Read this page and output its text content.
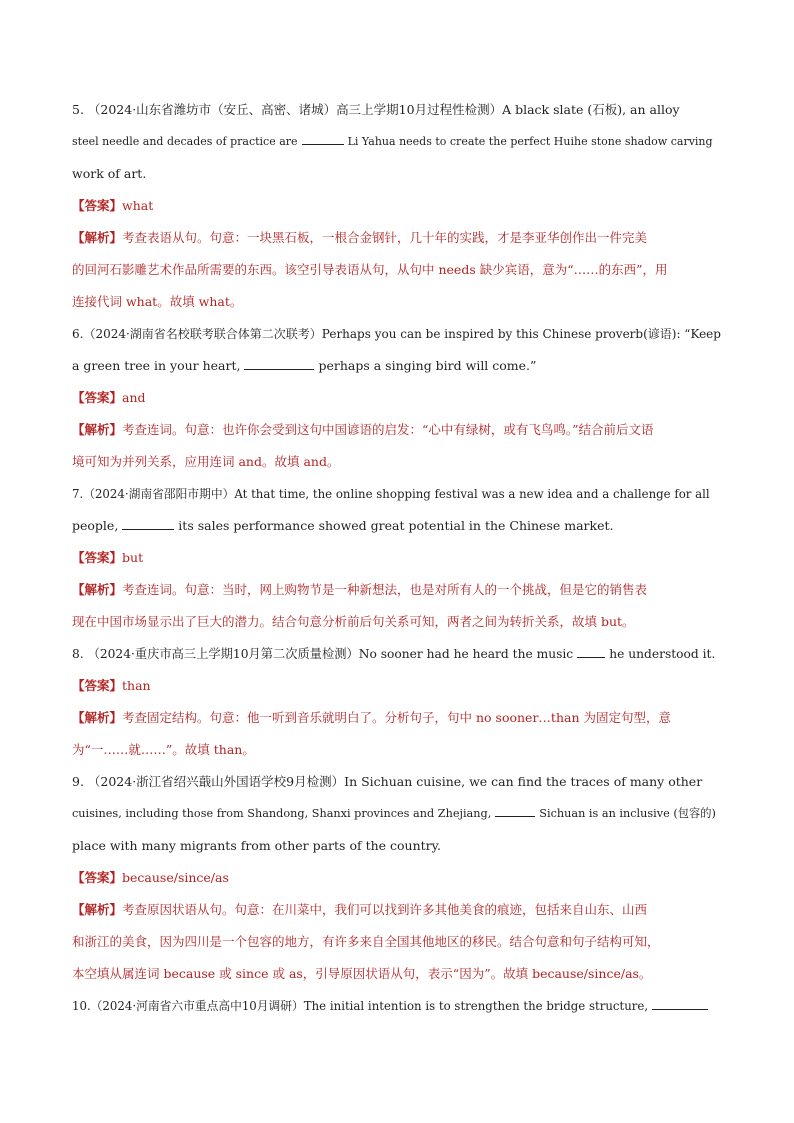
5. （2024·山东省潍坊市（安丘、高密、诸城）高三上学期10月过程性检测）A black slate (石板), an alloy
steel needle and decades of practice are	Li Yahua needs to create the perfect Huihe stone shadow carving
work of art.
【答案】what
【解析】考查表语从句。句意：一块黑石板，一根合金钢针，几十年的实践，才是李亚华创作出一件完美
的回河石影雕艺术作品所需要的东西。该空引导表语从句，从句中 needs 缺少宾语，意为“……的东西”，用
连接代词 what。故填 what。
6.（2024·湖南省名校联考联合体第二次联考）Perhaps you can be inspired by this Chinese proverb(谚语): “Keep
a green tree in your heart,	perhaps a singing bird will come.”
【答案】and
【解析】考查连词。句意：也许你会受到这句中国谚语的启发：“心中有绿树，或有飞鸟鸣。”结合前后文语
境可知为并列关系，应用连词 and。故填 and。
7.（2024·湖南省邵阳市期中）At that time, the online shopping festival was a new idea and a challenge for all
people,	its sales performance showed great potential in the Chinese market.
【答案】but
【解析】考查连词。句意：当时，网上购物节是一种新想法，也是对所有人的一个挑战，但是它的销售表
现在中国市场显示出了巨大的潜力。结合句意分析前后句关系可知，两者之间为转折关系，故填 but。
8. （2024·重庆市高三上学期10月第二次质量检测）No sooner had he heard the music	he understood it.
【答案】than
【解析】考查固定结构。句意：他一听到音乐就明白了。分析句子，句中 no sooner…than 为固定句型，意
为“一……就……”。故填 than。
9. （2024·浙江省绍兴蕺山外国语学校9月检测）In Sichuan cuisine, we can find the traces of many other
cuisines, including those from Shandong, Shanxi provinces and Zhejiang,	Sichuan is an inclusive (包容的)
place with many migrants from other parts of the country.
【答案】because/since/as
【解析】考查原因状语从句。句意：在川菜中，我们可以找到许多其他美食的痕迹，包括来自山东、山西
和浙江的美食，因为四川是一个包容的地方，有许多来自全国其他地区的移民。结合句意和句子结构可知，
本空填从属连词 because 或 since 或 as，引导原因状语从句，表示“因为”。故填 because/since/as。
10.（2024·河南省六市重点高中10月调研）The initial intention is to strengthen the bridge structure,
